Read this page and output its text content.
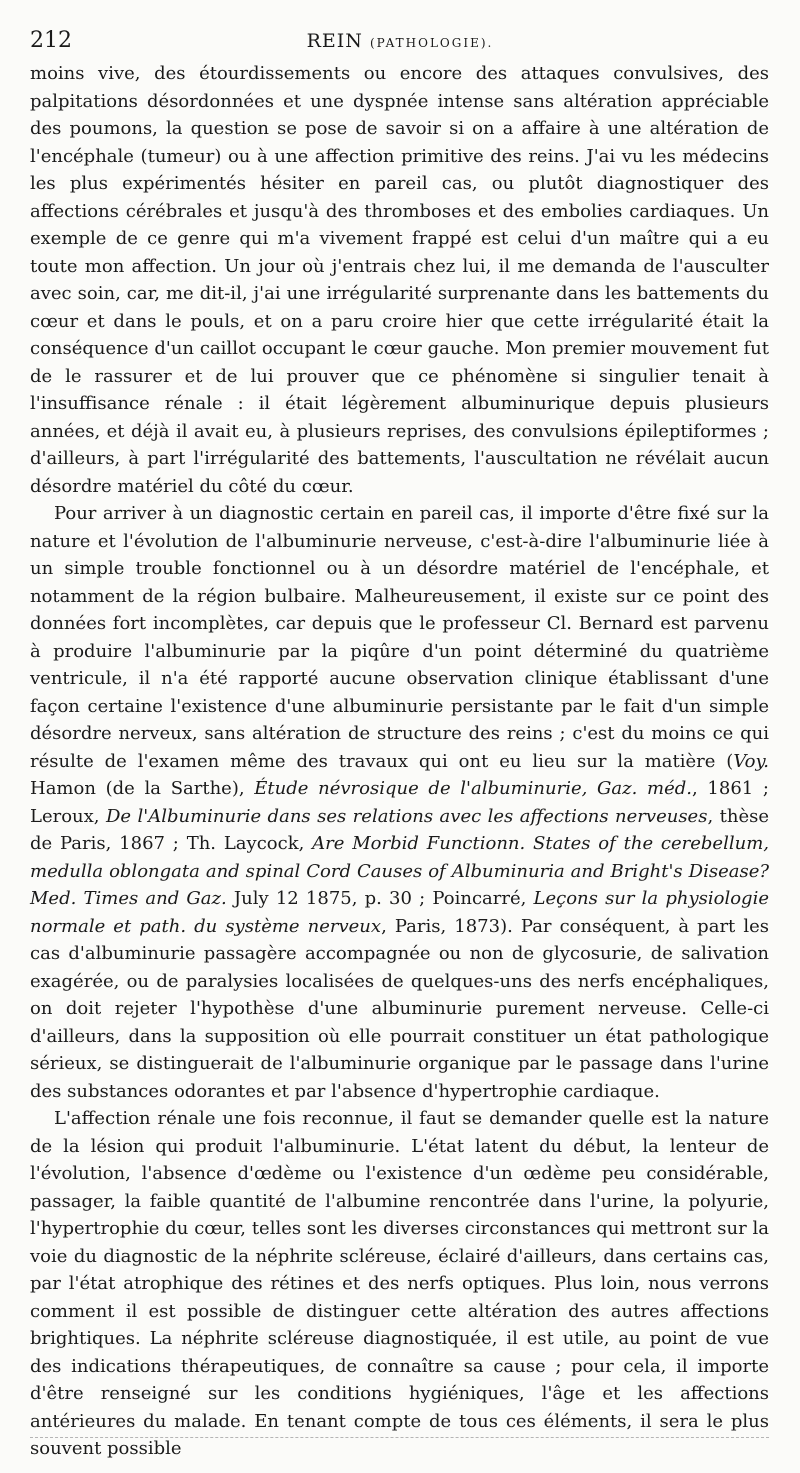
212	REIN (PATHOLOGIE).

moins vive, des étourdissements ou encore des attaques convulsives, des palpitations désordonnées et une dyspnée intense sans altération appréciable des poumons, la question se pose de savoir si on a affaire à une altération de l'encéphale (tumeur) ou à une affection primitive des reins. J'ai vu les médecins les plus expérimentés hésiter en pareil cas, ou plutôt diagnostiquer des affections cérébrales et jusqu'à des thromboses et des embolies cardiaques. Un exemple de ce genre qui m'a vivement frappé est celui d'un maître qui a eu toute mon affection. Un jour où j'entrais chez lui, il me demanda de l'ausculter avec soin, car, me dit-il, j'ai une irrégularité surprenante dans les battements du cœur et dans le pouls, et on a paru croire hier que cette irrégularité était la conséquence d'un caillot occupant le cœur gauche. Mon premier mouvement fut de le rassurer et de lui prouver que ce phénomène si singulier tenait à l'insuffisance rénale : il était légèrement albuminurique depuis plusieurs années, et déjà il avait eu, à plusieurs reprises, des convulsions épileptiformes ; d'ailleurs, à part l'irrégularité des battements, l'auscultation ne révélait aucun désordre matériel du côté du cœur.

Pour arriver à un diagnostic certain en pareil cas, il importe d'être fixé sur la nature et l'évolution de l'albuminurie nerveuse, c'est-à-dire l'albuminurie liée à un simple trouble fonctionnel ou à un désordre matériel de l'encéphale, et notamment de la région bulbaire. Malheureusement, il existe sur ce point des données fort incomplètes, car depuis que le professeur Cl. Bernard est parvenu à produire l'albuminurie par la piqûre d'un point déterminé du quatrième ventricule, il n'a été rapporté aucune observation clinique établissant d'une façon certaine l'existence d'une albuminurie persistante par le fait d'un simple désordre nerveux, sans altération de structure des reins ; c'est du moins ce qui résulte de l'examen même des travaux qui ont eu lieu sur la matière (Voy. Hamon (de la Sarthe), Étude névrosique de l'albuminurie, Gaz. méd., 1861 ; Leroux, De l'Albuminurie dans ses relations avec les affections nerveuses, thèse de Paris, 1867 ; Th. Laycock, Are Morbid Functionn. States of the cerebellum, medulla oblongata and spinal Cord Causes of Albuminuria and Bright's Disease? Med. Times and Gaz. July 12 1875, p. 30 ; Poincarré, Leçons sur la physiologie normale et path. du système nerveux, Paris, 1873). Par conséquent, à part les cas d'albuminurie passagère accompagnée ou non de glycosurie, de salivation exagérée, ou de paralysies localisées de quelques-uns des nerfs encéphaliques, on doit rejeter l'hypothèse d'une albuminurie purement nerveuse. Celle-ci d'ailleurs, dans la supposition où elle pourrait constituer un état pathologique sérieux, se distinguerait de l'albuminurie organique par le passage dans l'urine des substances odorantes et par l'absence d'hypertrophie cardiaque.

L'affection rénale une fois reconnue, il faut se demander quelle est la nature de la lésion qui produit l'albuminurie. L'état latent du début, la lenteur de l'évolution, l'absence d'œdème ou l'existence d'un œdème peu considérable, passager, la faible quantité de l'albumine rencontrée dans l'urine, la polyurie, l'hypertrophie du cœur, telles sont les diverses circonstances qui mettront sur la voie du diagnostic de la néphrite scléreuse, éclairé d'ailleurs, dans certains cas, par l'état atrophique des rétines et des nerfs optiques. Plus loin, nous verrons comment il est possible de distinguer cette altération des autres affections brightiques. La néphrite scléreuse diagnostiquée, il est utile, au point de vue des indications thérapeutiques, de connaître sa cause ; pour cela, il importe d'être renseigné sur les conditions hygiéniques, l'âge et les affections antérieures du malade. En tenant compte de tous ces éléments, il sera le plus souvent possible
